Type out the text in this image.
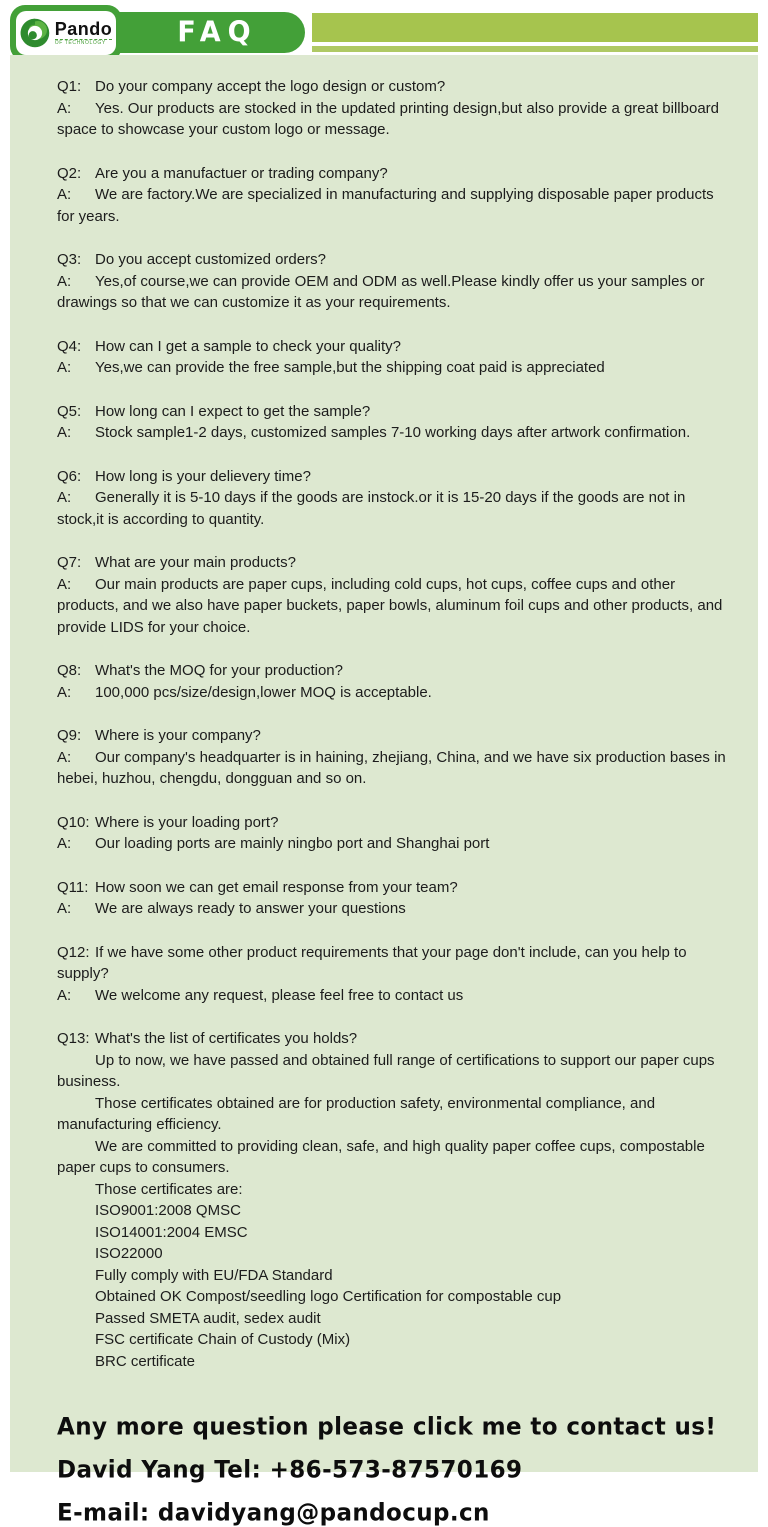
FAQ
Pando
OF TECHNOLOGY

Q1: Do your company accept the logo design or custom?

A: Yes. Our products are stocked in the updated printing design,but also provide a great billboard space to showcase your custom logo or message.

Q2: Are you a manufactuer or trading company?

A: We are factory.We are specialized in manufacturing and supplying disposable paper products for years.

Q3: Do you accept customized orders?

A: Yes,of course,we can provide OEM and ODM as well.Please kindly offer us your samples or drawings so that we can customize it as your requirements.

Q4: How can I get a sample to check your quality?

A: Yes,we can provide the free sample,but the shipping coat paid is appreciated

Q5: How long can I expect to get the sample?

A: Stock sample1-2 days, customized samples 7-10 working days after artwork confirmation.

Q6: How long is your delievery time?

A: Generally it is 5-10 days if the goods are instock.or it is 15-20 days if the goods are not in stock,it is according to quantity.

Q7: What are your main products?

A: Our main products are paper cups, including cold cups, hot cups, coffee cups and other products, and we also have paper buckets, paper bowls, aluminum foil cups and other products, and provide LIDS for your choice.

Q8: What's the MOQ for your production?

A: 100,000 pcs/size/design,lower MOQ is acceptable.

Q9: Where is your company?

A: Our company's headquarter is in haining, zhejiang, China, and we have six production bases in hebei, huzhou, chengdu, dongguan and so on.

Q10: Where is your loading port?

A: Our loading ports are mainly ningbo port and Shanghai port

Q11: How soon we can get email response from your team?

A: We are always ready to answer your questions

Q12: If we have some other product requirements that your page don't include, can you help to supply?

A: We welcome any request, please feel free to contact us

Q13: What's the list of certificates you holds?

Up to now, we have passed and obtained full range of certifications to support our paper cups business.

Those certificates obtained are for production safety, environmental compliance, and manufacturing efficiency.

We are committed to providing clean, safe, and high quality paper coffee cups, compostable paper cups to consumers.

Those certificates are:

ISO9001:2008 QMSC

ISO14001:2004 EMSC

ISO22000

Fully comply with EU/FDA Standard

Obtained OK Compost/seedling logo Certification for compostable cup

Passed SMETA audit, sedex audit

FSC certificate Chain of Custody (Mix)

BRC certificate

Any more question please click me to contact us!

David Yang Tel: +86-573-87570169

E-mail: davidyang@pandocup.cn
